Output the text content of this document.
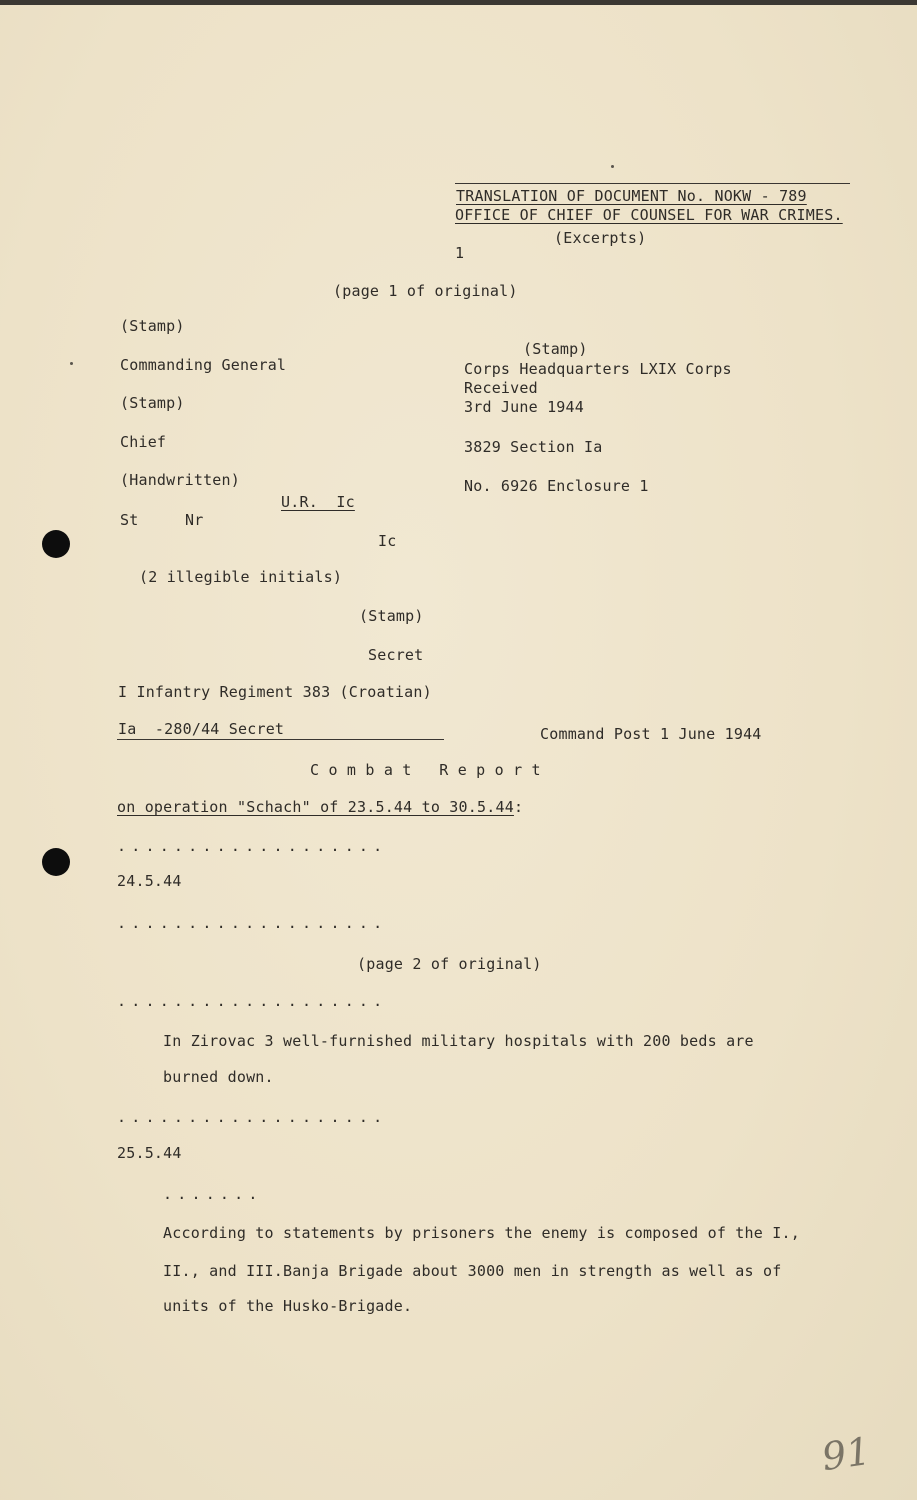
TRANSLATION OF DOCUMENT No. NOKW - 789
OFFICE OF CHIEF OF COUNSEL FOR WAR CRIMES.
(Excerpts)
1
(page 1 of original)
(Stamp)
Commanding General
(Stamp)
Chief
(Handwritten)
U.R.  Ic
St	Nr
Ic
(2 illegible initials)
(Stamp)
Secret
(Stamp)
Corps Headquarters LXIX Corps
Received
3rd June 1944
3829 Section Ia
No. 6926 Enclosure 1
I Infantry Regiment 383 (Croatian)
Ia  -280/44 Secret	Command Post 1 June 1944
C o m b a t   R e p o r t
on operation "Schach" of 23.5.44 to 30.5.44:
...................
24.5.44
...................
(page 2 of original)
...................
In Zirovac 3 well-furnished military hospitals with 200 beds are
burned down.
...................
25.5.44
.......
According to statements by prisoners the enemy is composed of the I.,
II., and III.Banja Brigade about 3000 men in strength as well as of
units of the Husko-Brigade.
91
